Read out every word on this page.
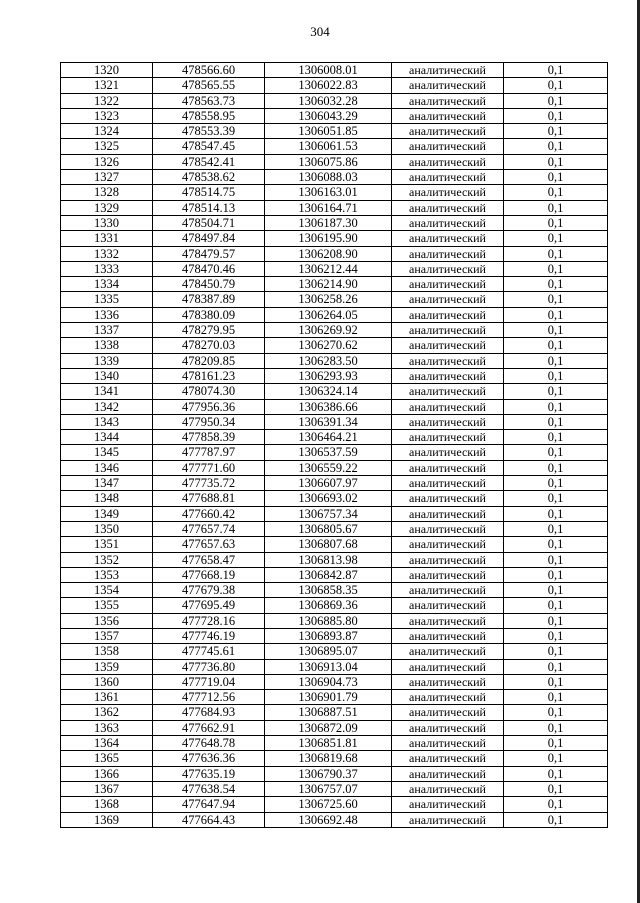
304
1320	478566.60	1306008.01	аналитический	0,1
1321	478565.55	1306022.83	аналитический	0,1
1322	478563.73	1306032.28	аналитический	0,1
1323	478558.95	1306043.29	аналитический	0,1
1324	478553.39	1306051.85	аналитический	0,1
1325	478547.45	1306061.53	аналитический	0,1
1326	478542.41	1306075.86	аналитический	0,1
1327	478538.62	1306088.03	аналитический	0,1
1328	478514.75	1306163.01	аналитический	0,1
1329	478514.13	1306164.71	аналитический	0,1
1330	478504.71	1306187.30	аналитический	0,1
1331	478497.84	1306195.90	аналитический	0,1
1332	478479.57	1306208.90	аналитический	0,1
1333	478470.46	1306212.44	аналитический	0,1
1334	478450.79	1306214.90	аналитический	0,1
1335	478387.89	1306258.26	аналитический	0,1
1336	478380.09	1306264.05	аналитический	0,1
1337	478279.95	1306269.92	аналитический	0,1
1338	478270.03	1306270.62	аналитический	0,1
1339	478209.85	1306283.50	аналитический	0,1
1340	478161.23	1306293.93	аналитический	0,1
1341	478074.30	1306324.14	аналитический	0,1
1342	477956.36	1306386.66	аналитический	0,1
1343	477950.34	1306391.34	аналитический	0,1
1344	477858.39	1306464.21	аналитический	0,1
1345	477787.97	1306537.59	аналитический	0,1
1346	477771.60	1306559.22	аналитический	0,1
1347	477735.72	1306607.97	аналитический	0,1
1348	477688.81	1306693.02	аналитический	0,1
1349	477660.42	1306757.34	аналитический	0,1
1350	477657.74	1306805.67	аналитический	0,1
1351	477657.63	1306807.68	аналитический	0,1
1352	477658.47	1306813.98	аналитический	0,1
1353	477668.19	1306842.87	аналитический	0,1
1354	477679.38	1306858.35	аналитический	0,1
1355	477695.49	1306869.36	аналитический	0,1
1356	477728.16	1306885.80	аналитический	0,1
1357	477746.19	1306893.87	аналитический	0,1
1358	477745.61	1306895.07	аналитический	0,1
1359	477736.80	1306913.04	аналитический	0,1
1360	477719.04	1306904.73	аналитический	0,1
1361	477712.56	1306901.79	аналитический	0,1
1362	477684.93	1306887.51	аналитический	0,1
1363	477662.91	1306872.09	аналитический	0,1
1364	477648.78	1306851.81	аналитический	0,1
1365	477636.36	1306819.68	аналитический	0,1
1366	477635.19	1306790.37	аналитический	0,1
1367	477638.54	1306757.07	аналитический	0,1
1368	477647.94	1306725.60	аналитический	0,1
1369	477664.43	1306692.48	аналитический	0,1
